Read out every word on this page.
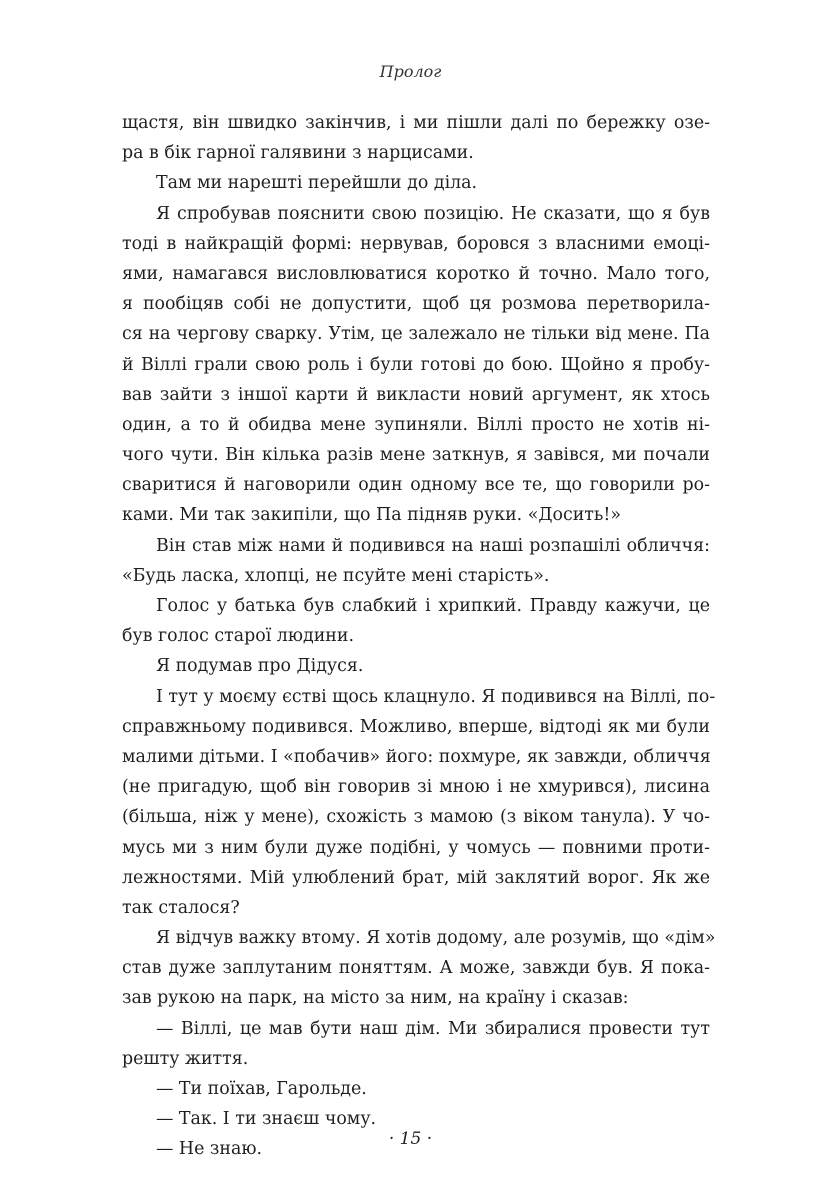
Пролог
щастя, він швидко закінчив, і ми пішли далі по бережку озе-
ра в бік гарної галявини з нарцисами.
Там ми нарешті перейшли до діла.
Я спробував пояснити свою позицію. Не сказати, що я був
тоді в найкращій формі: нервував, боровся з власними емоці-
ями, намагався висловлюватися коротко й точно. Мало того,
я пообіцяв собі не допустити, щоб ця розмова перетворила-
ся на чергову сварку. Утім, це залежало не тільки від мене. Па
й Віллі грали свою роль і були готові до бою. Щойно я пробу-
вав зайти з іншої карти й викласти новий аргумент, як хтось
один, а то й обидва мене зупиняли. Віллі просто не хотів ні-
чого чути. Він кілька разів мене заткнув, я завівся, ми почали
сваритися й наговорили один одному все те, що говорили ро-
ками. Ми так закипіли, що Па підняв руки. «Досить!»
Він став між нами й подивився на наші розпашілі обличчя:
«Будь ласка, хлопці, не псуйте мені старість».
Голос у батька був слабкий і хрипкий. Правду кажучи, це
був голос старої людини.
Я подумав про Дідуся.
І тут у моєму єстві щось клацнуло. Я подивився на Віллі, по-
справжньому подивився. Можливо, вперше, відтоді як ми були
малими дітьми. І «побачив» його: похмуре, як завжди, обличчя
(не пригадую, щоб він говорив зі мною і не хмурився), лисина
(більша, ніж у мене), схожість з мамою (з віком танула). У чо-
мусь ми з ним були дуже подібні, у чомусь — повними проти-
лежностями. Мій улюблений брат, мій заклятий ворог. Як же
так сталося?
Я відчув важку втому. Я хотів додому, але розумів, що «дім»
став дуже заплутаним поняттям. А може, завжди був. Я пока-
зав рукою на парк, на місто за ним, на країну і сказав:
— Віллі, це мав бути наш дім. Ми збиралися провести тут
решту життя.
— Ти поїхав, Гарольде.
— Так. І ти знаєш чому.
— Не знаю.
· 15 ·
